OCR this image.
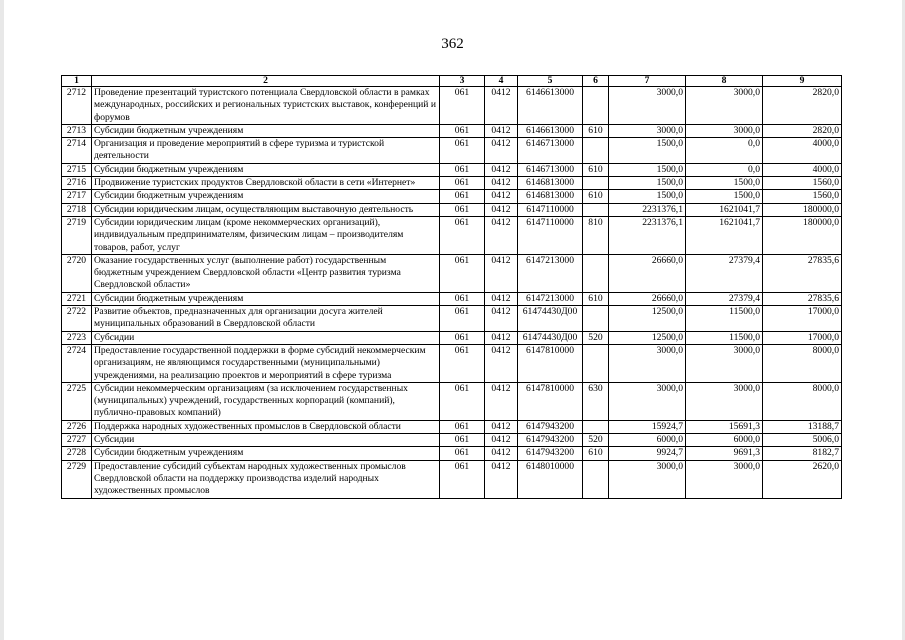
362
1	2	3	4	5	6	7	8	9
2712	Проведение презентаций туристского потенциала Свердловской области в рамках международных, российских и региональных туристских выставок, конференций и форумов	061	0412	6146613000		3000,0	3000,0	2820,0
2713	Субсидии бюджетным учреждениям	061	0412	6146613000	610	3000,0	3000,0	2820,0
2714	Организация и проведение мероприятий в сфере туризма и туристской деятельности	061	0412	6146713000		1500,0	0,0	4000,0
2715	Субсидии бюджетным учреждениям	061	0412	6146713000	610	1500,0	0,0	4000,0
2716	Продвижение туристских продуктов Свердловской области в сети «Интернет»	061	0412	6146813000		1500,0	1500,0	1560,0
2717	Субсидии бюджетным учреждениям	061	0412	6146813000	610	1500,0	1500,0	1560,0
2718	Субсидии юридическим лицам, осуществляющим выставочную деятельность	061	0412	6147110000		2231376,1	1621041,7	180000,0
2719	Субсидии юридическим лицам (кроме некоммерческих организаций), индивидуальным предпринимателям, физическим лицам – производителям товаров, работ, услуг	061	0412	6147110000	810	2231376,1	1621041,7	180000,0
2720	Оказание государственных услуг (выполнение работ) государственным бюджетным учреждением Свердловской области «Центр развития туризма Свердловской области»	061	0412	6147213000		26660,0	27379,4	27835,6
2721	Субсидии бюджетным учреждениям	061	0412	6147213000	610	26660,0	27379,4	27835,6
2722	Развитие объектов, предназначенных для организации досуга жителей муниципальных образований в Свердловской области	061	0412	61474430Д00		12500,0	11500,0	17000,0
2723	Субсидии	061	0412	61474430Д00	520	12500,0	11500,0	17000,0
2724	Предоставление государственной поддержки в форме субсидий некоммерческим организациям, не являющимся государственными (муниципальными) учреждениями, на реализацию проектов и мероприятий в сфере туризма	061	0412	6147810000		3000,0	3000,0	8000,0
2725	Субсидии некоммерческим организациям (за исключением государственных (муниципальных) учреждений, государственных корпораций (компаний), публично-правовых компаний)	061	0412	6147810000	630	3000,0	3000,0	8000,0
2726	Поддержка народных художественных промыслов в Свердловской области	061	0412	6147943200		15924,7	15691,3	13188,7
2727	Субсидии	061	0412	6147943200	520	6000,0	6000,0	5006,0
2728	Субсидии бюджетным учреждениям	061	0412	6147943200	610	9924,7	9691,3	8182,7
2729	Предоставление субсидий субъектам народных художественных промыслов Свердловской области на поддержку производства изделий народных художественных промыслов	061	0412	6148010000		3000,0	3000,0	2620,0
